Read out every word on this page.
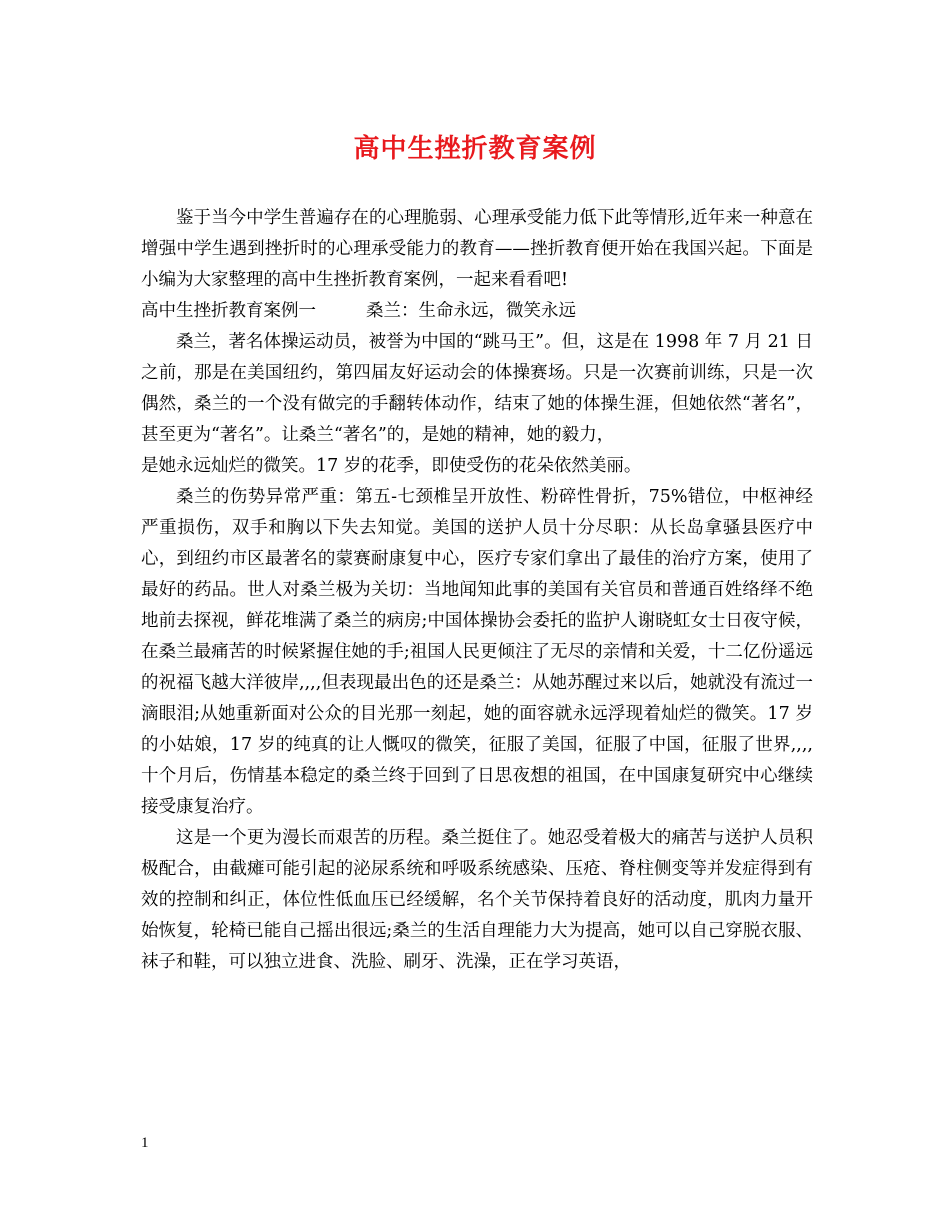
高中生挫折教育案例

鉴于当今中学生普遍存在的心理脆弱、心理承受能力低下此等情形,近年来一种意在增强中学生遇到挫折时的心理承受能力的教育——挫折教育便开始在我国兴起。下面是小编为大家整理的高中生挫折教育案例，一起来看看吧!

高中生挫折教育案例一	桑兰：生命永远，微笑永远

桑兰，著名体操运动员，被誉为中国的“跳马王”。但，这是在 1998 年 7 月 21 日之前，那是在美国纽约，第四届友好运动会的体操赛场。只是一次赛前训练，只是一次偶然，桑兰的一个没有做完的手翻转体动作，结束了她的体操生涯，但她依然“著名”，甚至更为“著名”。让桑兰“著名”的，是她的精神，她的毅力，

是她永远灿烂的微笑。17 岁的花季，即使受伤的花朵依然美丽。

桑兰的伤势异常严重：第五-七颈椎呈开放性、粉碎性骨折，75%错位，中枢神经严重损伤，双手和胸以下失去知觉。美国的送护人员十分尽职：从长岛拿骚县医疗中心，到纽约市区最著名的蒙赛耐康复中心，医疗专家们拿出了最佳的治疗方案，使用了最好的药品。世人对桑兰极为关切：当地闻知此事的美国有关官员和普通百姓络绎不绝地前去探视，鲜花堆满了桑兰的病房;中国体操协会委托的监护人谢晓虹女士日夜守候，在桑兰最痛苦的时候紧握住她的手;祖国人民更倾注了无尽的亲情和关爱，十二亿份遥远的祝福飞越大洋彼岸,,,,但表现最出色的还是桑兰：从她苏醒过来以后，她就没有流过一滴眼泪;从她重新面对公众的目光那一刻起，她的面容就永远浮现着灿烂的微笑。17 岁的小姑娘，17 岁的纯真的让人慨叹的微笑，征服了美国，征服了中国，征服了世界,,,,十个月后，伤情基本稳定的桑兰终于回到了日思夜想的祖国，在中国康复研究中心继续接受康复治疗。

这是一个更为漫长而艰苦的历程。桑兰挺住了。她忍受着极大的痛苦与送护人员积极配合，由截瘫可能引起的泌尿系统和呼吸系统感染、压疮、脊柱侧变等并发症得到有效的控制和纠正，体位性低血压已经缓解，名个关节保持着良好的活动度，肌肉力量开始恢复，轮椅已能自己摇出很远;桑兰的生活自理能力大为提高，她可以自己穿脱衣服、袜子和鞋，可以独立进食、洗脸、刷牙、洗澡，正在学习英语，

1
